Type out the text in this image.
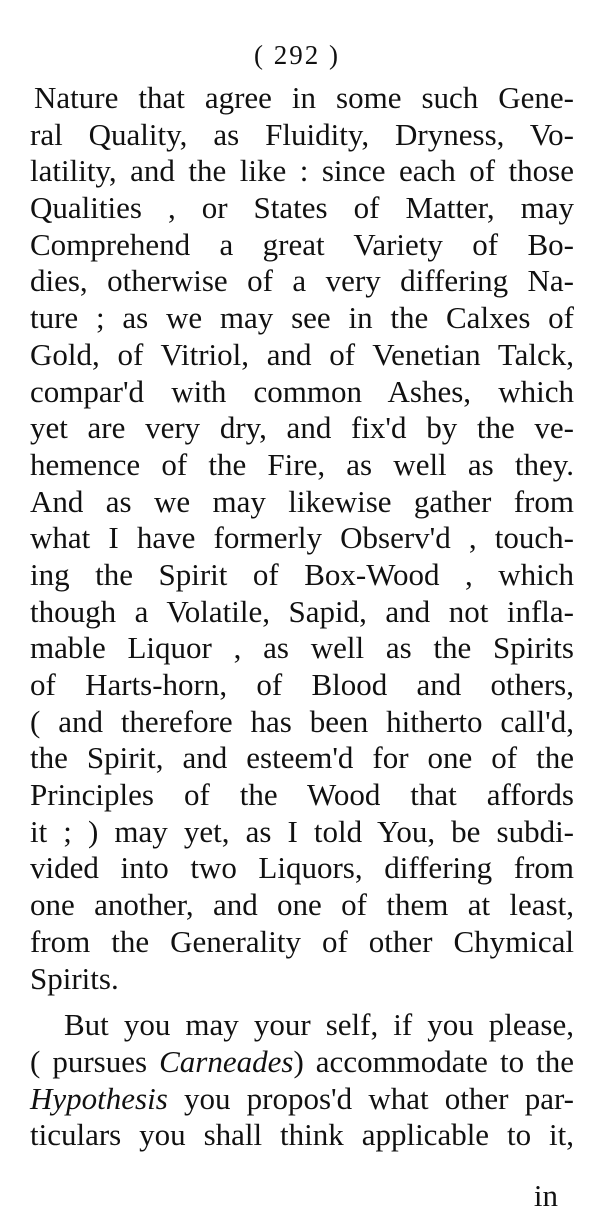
( 292 )
Nature that agree in some such Gene-
ral Quality, as Fluidity, Dryness, Vo-
latility, and the like : since each of those
Qualities , or States of Matter, may
Comprehend a great Variety of Bo-
dies, otherwise of a very differing Na-
ture ; as we may see in the Calxes of
Gold, of Vitriol, and of Venetian Talck,
compar'd with common Ashes, which
yet are very dry, and fix'd by the ve-
hemence of the Fire, as well as they.
And as we may likewise gather from
what I have formerly Observ'd , touch-
ing the Spirit of Box-Wood , which
though a Volatile, Sapid, and not infla-
mable Liquor , as well as the Spirits
of Harts-horn, of Blood and others,
( and therefore has been hitherto call'd,
the Spirit, and esteem'd for one of the
Principles of the Wood that affords
it ; ) may yet, as I told You, be subdi-
vided into two Liquors, differing from
one another, and one of them at least,
from the Generality of other Chymical
Spirits.
But you may your self, if you please,
( pursues Carneades) accommodate to the
Hypothesis you propos'd what other par-
ticulars you shall think applicable to it,
in
